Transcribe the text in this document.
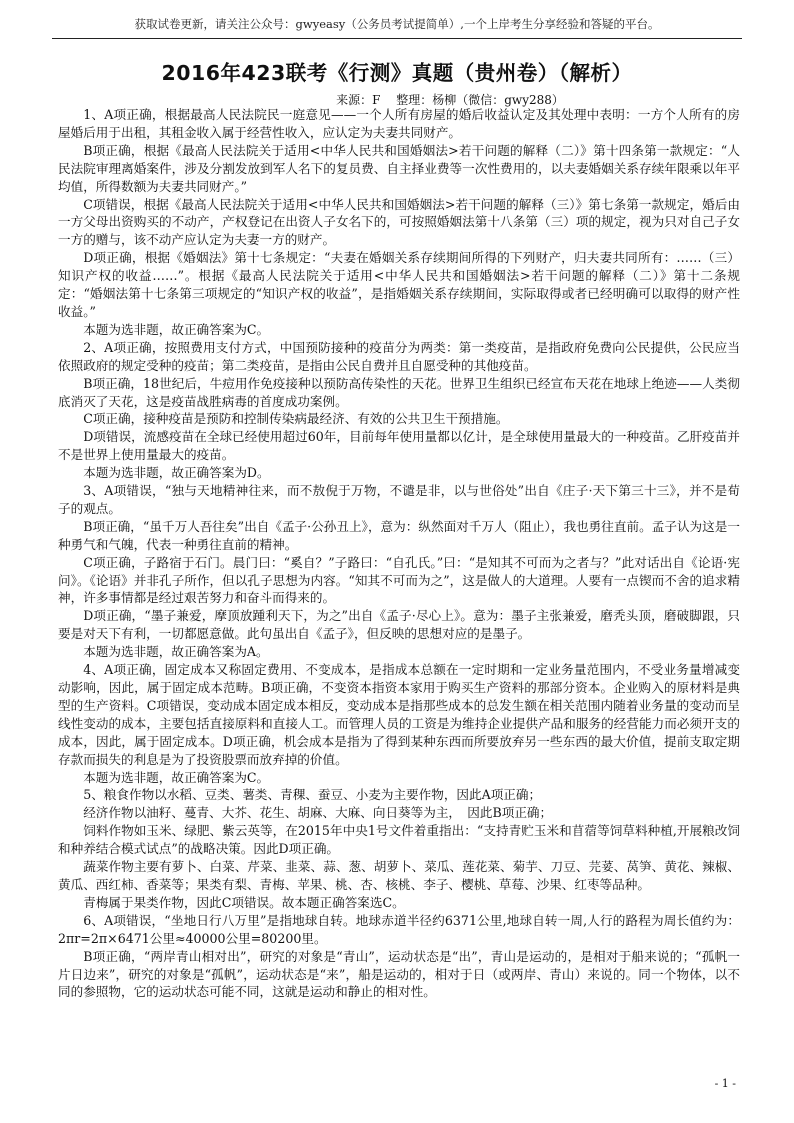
获取试卷更新，请关注公众号：gwyeasy（公务员考试提简单）,一个上岸考生分享经验和答疑的平台。
2016年423联考《行测》真题（贵州卷）（解析）
来源：F　 整理：杨柳（微信：gwy288）

1、A项正确，根据最高人民法院民一庭意见——一个人所有房屋的婚后收益认定及其处理中表明：一方个人所有的房屋婚后用于出租，其租金收入属于经营性收入，应认定为夫妻共同财产。

B项正确，根据《最高人民法院关于适用<中华人民共和国婚姻法>若干问题的解释（二）》第十四条第一款规定：“人民法院审理离婚案件，涉及分割发放到军人名下的复员费、自主择业费等一次性费用的，以夫妻婚姻关系存续年限乘以年平均值，所得数额为夫妻共同财产。”

C项错误，根据《最高人民法院关于适用<中华人民共和国婚姻法>若干问题的解释（三）》第七条第一款规定，婚后由一方父母出资购买的不动产，产权登记在出资人子女名下的，可按照婚姻法第十八条第（三）项的规定，视为只对自己子女一方的赠与，该不动产应认定为夫妻一方的财产。

D项正确，根据《婚姻法》第十七条规定：“夫妻在婚姻关系存续期间所得的下列财产，归夫妻共同所有：……（三）知识产权的收益……”。根据《最高人民法院关于适用<中华人民共和国婚姻法>若干问题的解释（二）》第十二条规定：“婚姻法第十七条第三项规定的“知识产权的收益”，是指婚姻关系存续期间，实际取得或者已经明确可以取得的财产性收益。”

本题为选非题，故正确答案为C。

2、A项正确，按照费用支付方式，中国预防接种的疫苗分为两类：第一类疫苗，是指政府免费向公民提供，公民应当依照政府的规定受种的疫苗；第二类疫苗，是指由公民自费并且自愿受种的其他疫苗。

B项正确，18世纪后，牛痘用作免疫接种以预防高传染性的天花。世界卫生组织已经宣布天花在地球上绝迹——人类彻底消灭了天花，这是疫苗战胜病毒的首度成功案例。

C项正确，接种疫苗是预防和控制传染病最经济、有效的公共卫生干预措施。

D项错误，流感疫苗在全球已经使用超过60年，目前每年使用量都以亿计，是全球使用量最大的一种疫苗。乙肝疫苗并不是世界上使用量最大的疫苗。

本题为选非题，故正确答案为D。

3、A项错误，“独与天地精神往来，而不敖倪于万物，不谴是非，以与世俗处”出自《庄子·天下第三十三》，并不是荀子的观点。

B项正确，“虽千万人吾往矣”出自《孟子·公孙丑上》，意为：纵然面对千万人（阻止），我也勇往直前。孟子认为这是一种勇气和气魄，代表一种勇往直前的精神。

C项正确，子路宿于石门。晨门曰：“奚自？”子路曰：“自孔氏。”曰：“是知其不可而为之者与？”此对话出自《论语·宪问》。《论语》并非孔子所作，但以孔子思想为内容。“知其不可而为之”，这是做人的大道理。人要有一点锲而不舍的追求精神，许多事情都是经过艰苦努力和奋斗而得来的。

D项正确，“墨子兼爱，摩顶放踵利天下，为之”出自《孟子·尽心上》。意为：墨子主张兼爱，磨秃头顶，磨破脚跟，只要是对天下有利，一切都愿意做。此句虽出自《孟子》，但反映的思想对应的是墨子。

本题为选非题，故正确答案为A。

4、A项正确，固定成本又称固定费用、不变成本，是指成本总额在一定时期和一定业务量范围内，不受业务量增减变动影响，因此，属于固定成本范畴。B项正确，不变资本指资本家用于购买生产资料的那部分资本。企业购入的原材料是典型的生产资料。C项错误，变动成本固定成本相反，变动成本是指那些成本的总发生额在相关范围内随着业务量的变动而呈线性变动的成本，主要包括直接原料和直接人工。而管理人员的工资是为维持企业提供产品和服务的经营能力而必须开支的成本，因此，属于固定成本。D项正确，机会成本是指为了得到某种东西而所要放弃另一些东西的最大价值，提前支取定期存款而损失的利息是为了投资股票而放弃掉的价值。

本题为选非题，故正确答案为C。

5、粮食作物以水稻、豆类、薯类、青稞、蚕豆、小麦为主要作物，因此A项正确；

经济作物以油籽、蔓青、大芥、花生、胡麻、大麻、向日葵等为主，　因此B项正确；

饲料作物如玉米、绿肥、紫云英等，在2015年中央1号文件着重指出：“支持青贮玉米和苜蓿等饲草料种植,开展粮改饲和种养结合模式试点”的战略决策。因此D项正确。

蔬菜作物主要有萝卜、白菜、芹菜、韭菜、蒜、葱、胡萝卜、菜瓜、莲花菜、菊芋、刀豆、芫荽、莴笋、黄花、辣椒、黄瓜、西红柿、香菜等；果类有梨、青梅、苹果、桃、杏、核桃、李子、樱桃、草莓、沙果、红枣等品种。

青梅属于果类作物，因此C项错误。故本题正确答案选C。

6、A项错误，“坐地日行八万里”是指地球自转。地球赤道半径约6371公里,地球自转一周,人行的路程为周长值约为：2πr=2π×6471公里≈40000公里=80200里。

B项正确，“两岸青山相对出”，研究的对象是“青山”，运动状态是“出”，青山是运动的，是相对于船来说的；“孤帆一片日边来”，研究的对象是“孤帆”，运动状态是“来”，船是运动的，相对于日（或两岸、青山）来说的。同一个物体，以不同的参照物，它的运动状态可能不同，这就是运动和静止的相对性。

- 1 -
